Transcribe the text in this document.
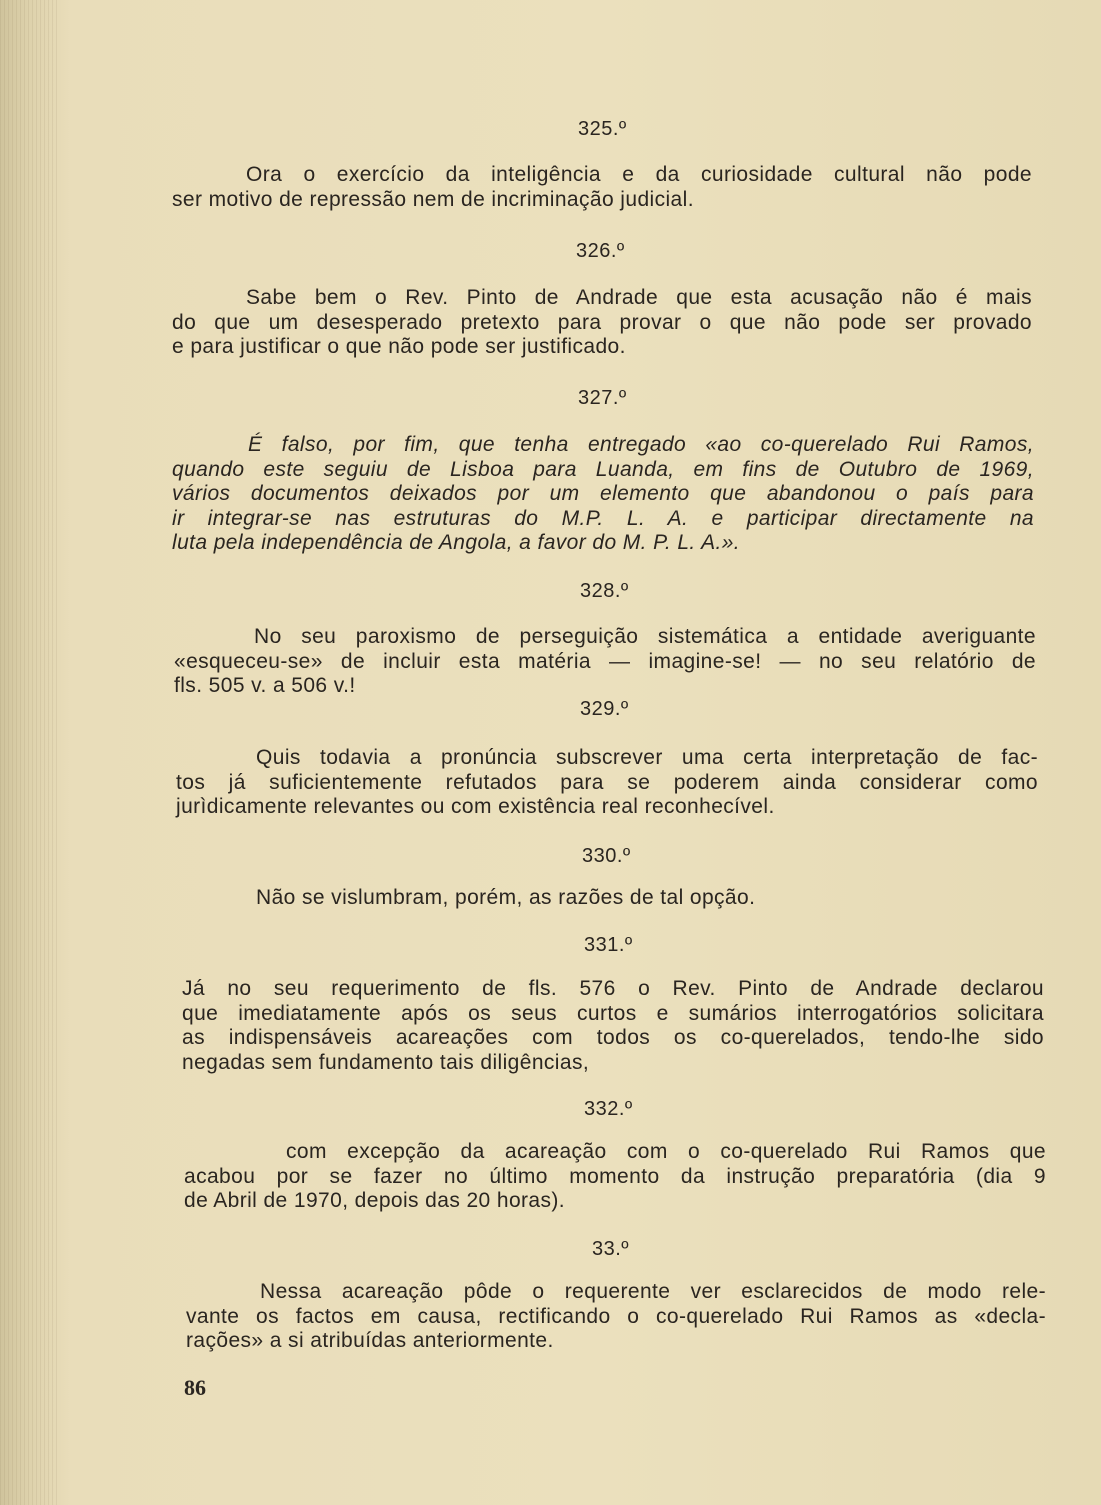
325.º
Ora o exercício da inteligência e da curiosidade cultural não pode
ser motivo de repressão nem de incriminação judicial.
326.º
Sabe bem o Rev. Pinto de Andrade que esta acusação não é mais
do que um desesperado pretexto para provar o que não pode ser provado
e para justificar o que não pode ser justificado.
327.º
É falso, por fim, que tenha entregado «ao co-querelado Rui Ramos,
quando este seguiu de Lisboa para Luanda, em fins de Outubro de 1969,
vários documentos deixados por um elemento que abandonou o país para
ir integrar-se nas estruturas do M.P. L. A. e participar directamente na
luta pela independência de Angola, a favor do M. P. L. A.».
328.º
No seu paroxismo de perseguição sistemática a entidade averiguante
«esqueceu-se» de incluir esta matéria — imagine-se! — no seu relatório de
fls. 505 v. a 506 v.!
329.º
Quis todavia a pronúncia subscrever uma certa interpretação de fac-
tos já suficientemente refutados para se poderem ainda considerar como
jurìdicamente relevantes ou com existência real reconhecível.
330.º
Não se vislumbram, porém, as razões de tal opção.
331.º
Já no seu requerimento de fls. 576 o Rev. Pinto de Andrade declarou
que imediatamente após os seus curtos e sumários interrogatórios solicitara
as indispensáveis acareações com todos os co-querelados, tendo-lhe sido
negadas sem fundamento tais diligências,
332.º
com excepção da acareação com o co-querelado Rui Ramos que
acabou por se fazer no último momento da instrução preparatória (dia 9
de Abril de 1970, depois das 20 horas).
33.º
Nessa acareação pôde o requerente ver esclarecidos de modo rele-
vante os factos em causa, rectificando o co-querelado Rui Ramos as «decla-
rações» a si atribuídas anteriormente.
86
